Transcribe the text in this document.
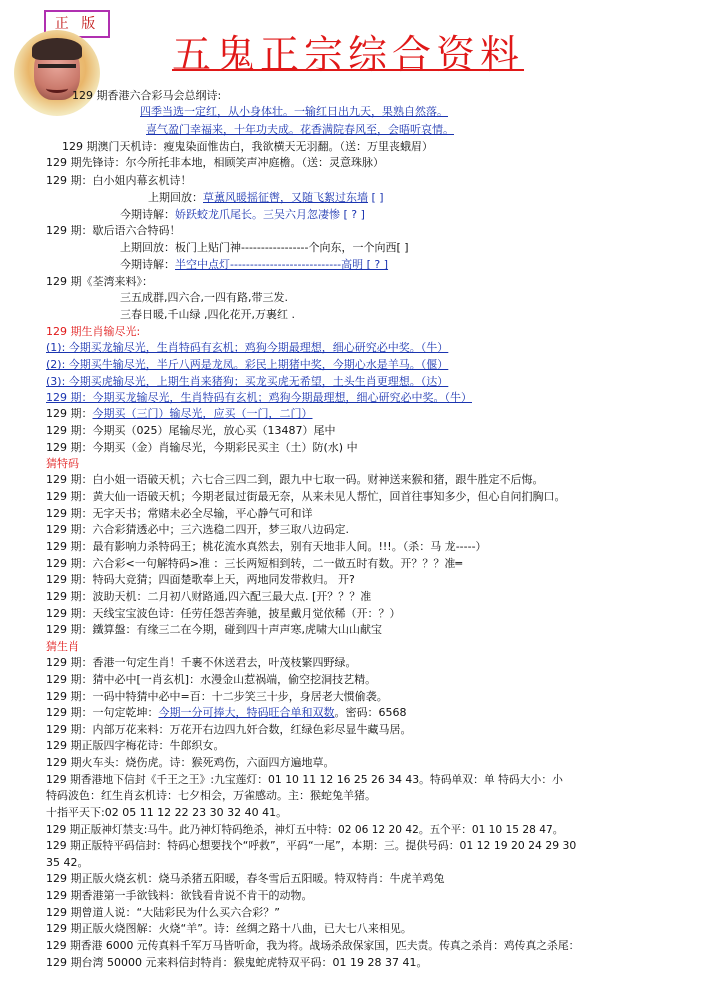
正 版
五鬼正宗综合资料
129 期香港六合彩马会总纲诗:
四季当选一定红，从小身体壮。一输红日出九天，果熟自然落。
喜气盈门幸福来，十年功夫成。花香满院春风至，会晤听哀情。
129 期澳门天机诗：瘦鬼染面惟齿白，我欲横天无羽翻。（送：万里丧蛾眉）
129 期先锋诗：尔今所托非本地，相顾笑声冲庭檐。（送：灵意珠脉）
129 期：白小姐内幕玄机诗！
上期回放：草薰风暖摇征辔，又随飞絮过东墙 [ ]
今期诗解：娇跃蛟龙爪尾长。三吴六月忽凄惨 [ ? ]
129 期：歇后语六合特码！
上期回放：板门上贴门神-----------------个向东，一个向西[ ]
今期诗解：半空中点灯----------------------------高明 [ ? ]
129 期《荃湾来料》：
三五成群,四六合,一四有路,带三发.
三春日暖,千山绿 ,四化花开,万裹红 .
129 期生肖输尽光:
(1): 今期买龙输尽光，生肖特码有玄机；鸡狗今期最理想，细心研究必中奖。（牛）
(2): 今期买牛输尽光，半斤八两是龙凤。彩民上期猪中奖，今期心水是羊马。（偃）
(3): 今期买虎输尽光，上期生肖来猪狗；买龙买虎无希望，土头生肖更理想。（达）
129 期：今期买龙输尽光，生肖特码有玄机；鸡狗今期最理想，细心研究必中奖。（牛）
129 期：今期买（三门）输尽光，应买（一门，二门）
129 期：今期买（025）尾输尽光，放心买（13487）尾中
129 期：今期买（金）肖输尽光，今期彩民买主（土）防(水) 中
猜特码
129 期：白小姐一语破天机；六七合三四二到，跟九中七取一码。财神送来猴和猪，跟牛胜定不后悔。
129 期：黄大仙一语破天机；今期老鼠过街最无奈，从来未见人帮忙，回首往事知多少，但心自问扪胸口。
129 期：无字天书；常赌未必全尽输，平心静气可和详
129 期：六合彩猜透必中；三六选稳二四开，梦三取八边码定.
129 期：最有影响力杀特码王；桃花流水真然去，别有天地非人间。!!!。（杀：马 龙-----）
129 期：六合彩<一句解特码>准 ：三长两短相到转，二一做五时有数。开？？？准═
129 期：特码大竞猜；四面楚歌奉上天，两地同发带救归。 开?
129 期：波助天机：二月初八财路通,四六配三最大点. [开？？？准
129 期：天线宝宝波色诗：任劳任怨苦奔驰，披星戴月觉依稀（开：？）
129 期：鐵算盤：有缘三二在今期，碰到四十声声寒,虎啸大山山献宝
猜生肖
129 期：香港一句定生肖！千裹不休送君去，叶茂枝繁四野绿。
129 期：猜中必中[一肖玄机]：水漫金山惹祸端，偷空挖洞技艺精。
129 期：一码中特猜中必中=百：十二步笑三十步，身居老大惯偷袭。
129 期：一句定乾坤：今期一分可捧大，特码旺合单和双数。密码：6568
129 期：内部万花来料：万花开右边四九奸合数，红绿色彩尽显牛藏马居。
129 期正版四字梅花诗：牛郎织女。
129 期火车头：烧伤虎。诗：猴死鸡伤，六面四方遍地草。
129 期香港地下信封《千王之王》:九宝莲灯：01 10 11 12 16 25 26 34 43。特码单双：单 特码大小：小
特码波色：红生肖玄机诗：七夕相会，万雀感动。主：猴蛇兔羊猪。
十指平天下:02 05 11 12 22 23 30 32 40 41。
129 期正版神灯禁支:马牛。此乃神灯特码绝杀，神灯五中特：02 06 12 20 42。五个平：01 10 15 28 47。
129 期正版特平码信封：特码心想要找个“呼救”，平码“一尾”，本期：三。提供号码：01 12 19 20 24 29 30
35 42。
129 期正版火烧玄机：烧马杀猪五阳暖，春冬雪后五阳暖。特双特肖：牛虎羊鸡兔
129 期香港第一手欲钱料：欲钱看肯说不肯干的动物。
129 期曾道人说：“大陆彩民为什么买六合彩？”
129 期正版火烧图解：火烧“羊”。诗：丝绸之路十八曲，已大七八来相见。
129 期香港 6000 元传真料千军万马皆听命，我为将。战场杀敌保家国，匹夫责。传真之杀肖：鸡传真之杀尾：
129 期台湾 50000 元来料信封特肖：猴鬼蛇虎特双平码：01 19 28 37 41。
